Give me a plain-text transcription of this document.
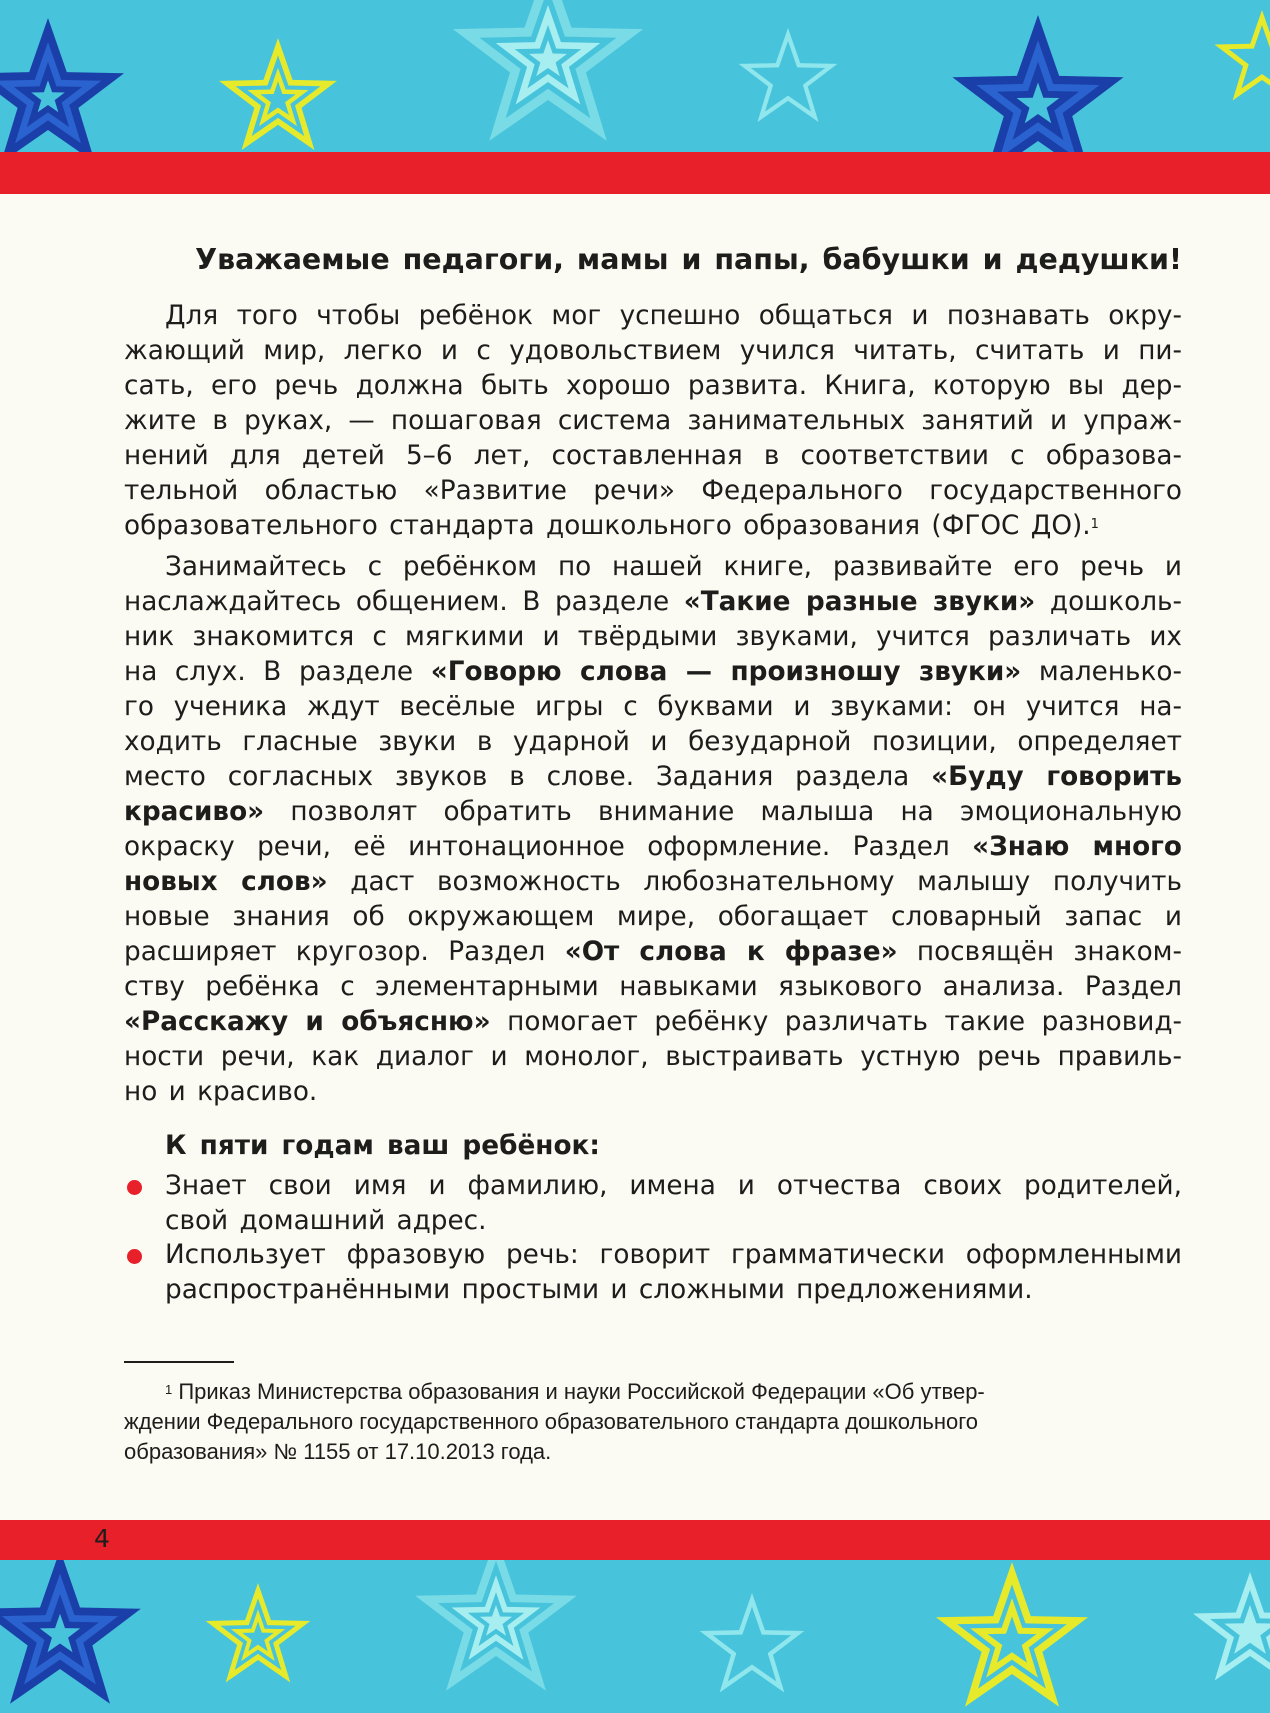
Уважаемые педагоги, мамы и папы, бабушки и дедушки!
Для того чтобы ребёнок мог успешно общаться и познавать окру-
жающий мир, легко и с удовольствием учился читать, считать и пи-
сать, его речь должна быть хорошо развита. Книга, которую вы дер-
жите в руках, — пошаговая система занимательных занятий и упраж-
нений для детей 5–6 лет, составленная в соответствии с образова-
тельной областью «Развитие речи» Федерального государственного
образовательного стандарта дошкольного образования (ФГОС ДО).$^1$
Занимайтесь с ребёнком по нашей книге, развивайте его речь и
наслаждайтесь общением. В разделе «Такие разные звуки» дошколь-
ник знакомится с мягкими и твёрдыми звуками, учится различать их
на слух. В разделе «Говорю слова — произношу звуки» маленько-
го ученика ждут весёлые игры с буквами и звуками: он учится на-
ходить гласные звуки в ударной и безударной позиции, определяет
место согласных звуков в слове. Задания раздела «Буду говорить
красиво» позволят обратить внимание малыша на эмоциональную
окраску речи, её интонационное оформление. Раздел «Знаю много
новых слов» даст возможность любознательному малышу получить
новые знания об окружающем мире, обогащает словарный запас и
расширяет кругозор. Раздел «От слова к фразе» посвящён знаком-
ству ребёнка с элементарными навыками языкового анализа. Раздел
«Расскажу и объясню» помогает ребёнку различать такие разновид-
ности речи, как диалог и монолог, выстраивать устную речь правиль-
но и красиво.
К пяти годам ваш ребёнок:
Знает свои имя и фамилию, имена и отчества своих родителей,
свой домашний адрес.
Использует фразовую речь: говорит грамматически оформленными
распространёнными простыми и сложными предложениями.
$^1$ Приказ Министерства образования и науки Российской Федерации «Об утвер-
ждении Федерального государственного образовательного стандарта дошкольного
образования» № 1155 от 17.10.2013 года.
4
